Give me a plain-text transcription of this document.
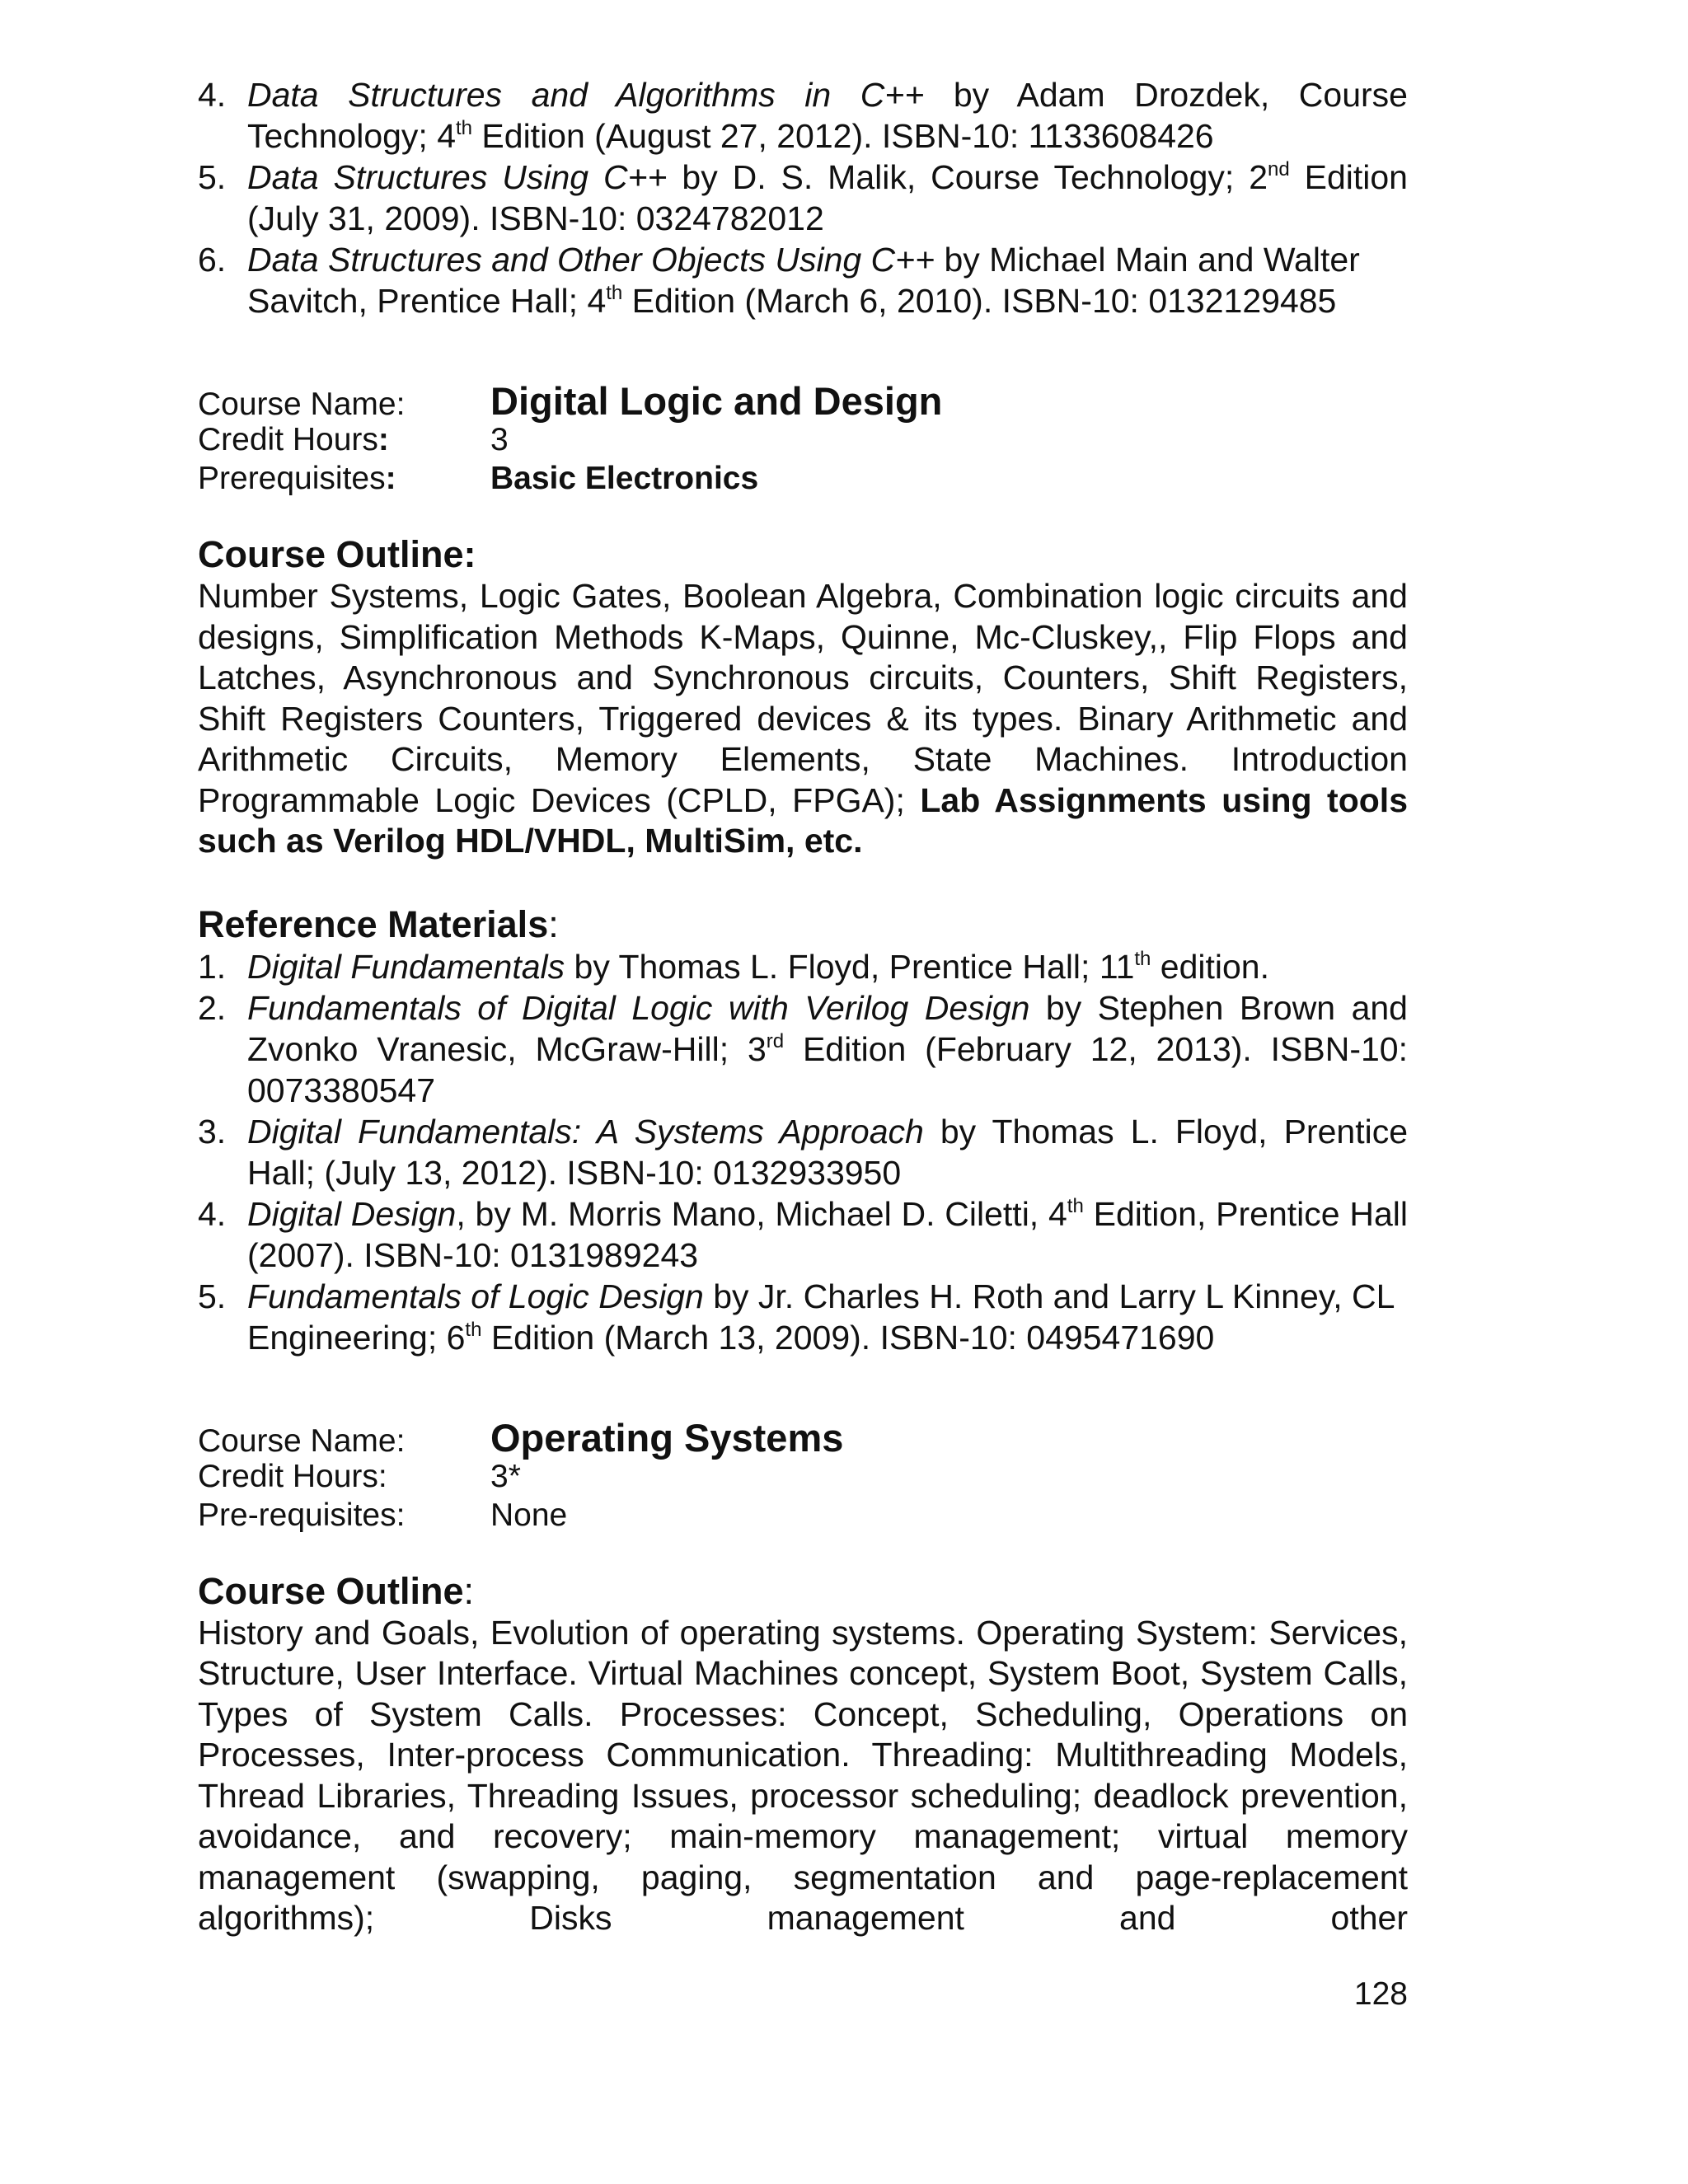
4. Data Structures and Algorithms in C++ by Adam Drozdek, Course Technology; 4th Edition (August 27, 2012). ISBN-10: 1133608426
5. Data Structures Using C++ by D. S. Malik, Course Technology; 2nd Edition (July 31, 2009). ISBN-10: 0324782012
6. Data Structures and Other Objects Using C++ by Michael Main and Walter Savitch, Prentice Hall; 4th Edition (March 6, 2010). ISBN-10: 0132129485
Course Name:	Digital Logic and Design
Credit Hours:	3
Prerequisites:	Basic Electronics
Course Outline:
Number Systems, Logic Gates, Boolean Algebra, Combination logic circuits and designs, Simplification Methods K-Maps, Quinne, Mc-Cluskey,, Flip Flops and Latches, Asynchronous and Synchronous circuits, Counters, Shift Registers, Shift Registers Counters, Triggered devices & its types. Binary Arithmetic and Arithmetic Circuits, Memory Elements, State Machines. Introduction Programmable Logic Devices (CPLD, FPGA); Lab Assignments using tools such as Verilog HDL/VHDL, MultiSim, etc.
Reference Materials:
1. Digital Fundamentals by Thomas L. Floyd, Prentice Hall; 11th edition.
2. Fundamentals of Digital Logic with Verilog Design by Stephen Brown and Zvonko Vranesic, McGraw-Hill; 3rd Edition (February 12, 2013). ISBN-10: 0073380547
3. Digital Fundamentals: A Systems Approach by Thomas L. Floyd, Prentice Hall; (July 13, 2012). ISBN-10: 0132933950
4. Digital Design, by M. Morris Mano, Michael D. Ciletti, 4th Edition, Prentice Hall (2007). ISBN-10: 0131989243
5. Fundamentals of Logic Design by Jr. Charles H. Roth and Larry L Kinney, CL Engineering; 6th Edition (March 13, 2009). ISBN-10: 0495471690
Course Name:	Operating Systems
Credit Hours:	3*
Pre-requisites:	None
Course Outline:
History and Goals, Evolution of operating systems. Operating System: Services, Structure, User Interface. Virtual Machines concept, System Boot, System Calls, Types of System Calls. Processes: Concept, Scheduling, Operations on Processes, Inter-process Communication. Threading: Multithreading Models, Thread Libraries, Threading Issues, processor scheduling; deadlock prevention, avoidance, and recovery; main-memory management; virtual memory management (swapping, paging, segmentation and page-replacement algorithms); Disks management and other
128
